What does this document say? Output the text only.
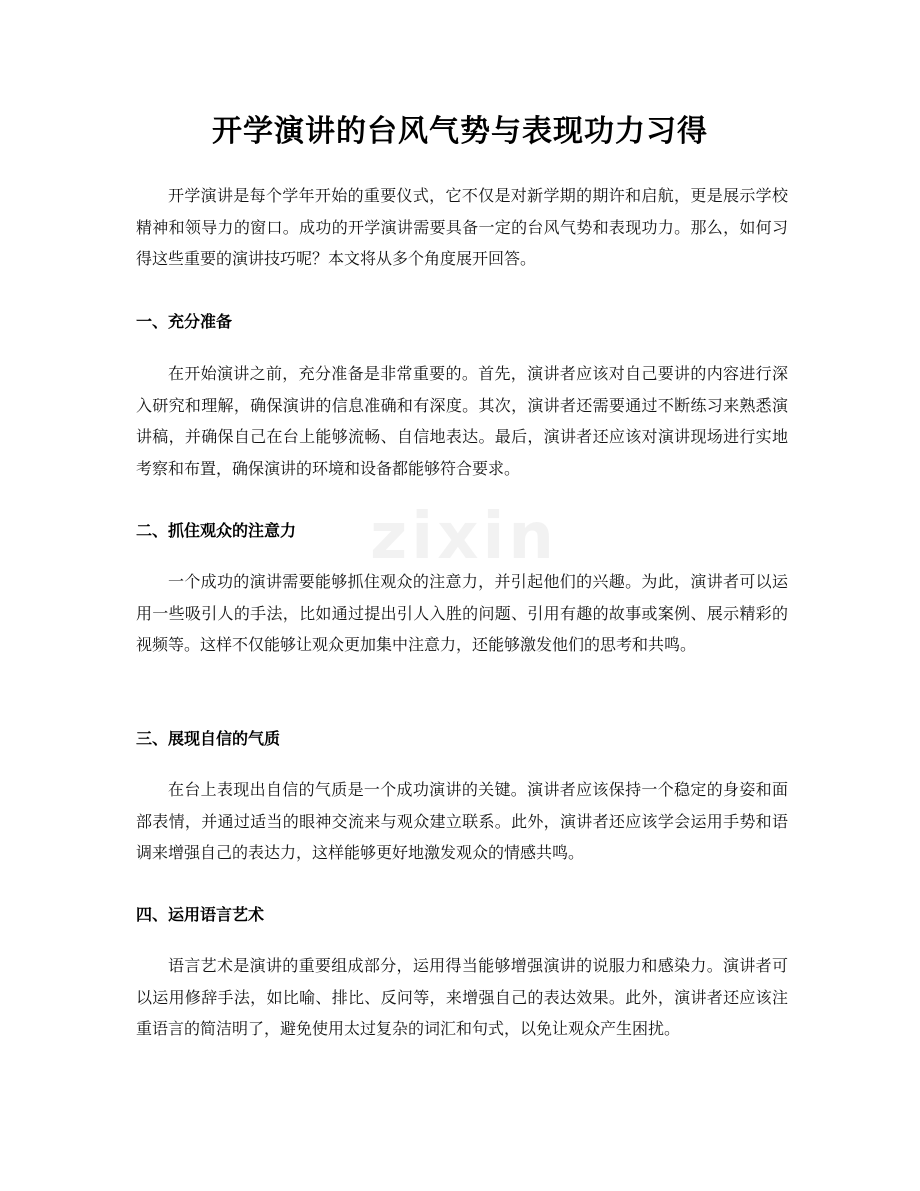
开学演讲的台风气势与表现功力习得

开学演讲是每个学年开始的重要仪式，它不仅是对新学期的期许和启航，更是展示学校精神和领导力的窗口。成功的开学演讲需要具备一定的台风气势和表现功力。那么，如何习得这些重要的演讲技巧呢？本文将从多个角度展开回答。

一、充分准备

在开始演讲之前，充分准备是非常重要的。首先，演讲者应该对自己要讲的内容进行深入研究和理解，确保演讲的信息准确和有深度。其次，演讲者还需要通过不断练习来熟悉演讲稿，并确保自己在台上能够流畅、自信地表达。最后，演讲者还应该对演讲现场进行实地考察和布置，确保演讲的环境和设备都能够符合要求。

二、抓住观众的注意力

一个成功的演讲需要能够抓住观众的注意力，并引起他们的兴趣。为此，演讲者可以运用一些吸引人的手法，比如通过提出引人入胜的问题、引用有趣的故事或案例、展示精彩的视频等。这样不仅能够让观众更加集中注意力，还能够激发他们的思考和共鸣。

三、展现自信的气质

在台上表现出自信的气质是一个成功演讲的关键。演讲者应该保持一个稳定的身姿和面部表情，并通过适当的眼神交流来与观众建立联系。此外，演讲者还应该学会运用手势和语调来增强自己的表达力，这样能够更好地激发观众的情感共鸣。

四、运用语言艺术

语言艺术是演讲的重要组成部分，运用得当能够增强演讲的说服力和感染力。演讲者可以运用修辞手法，如比喻、排比、反问等，来增强自己的表达效果。此外，演讲者还应该注重语言的简洁明了，避免使用太过复杂的词汇和句式，以免让观众产生困扰。

zixin
